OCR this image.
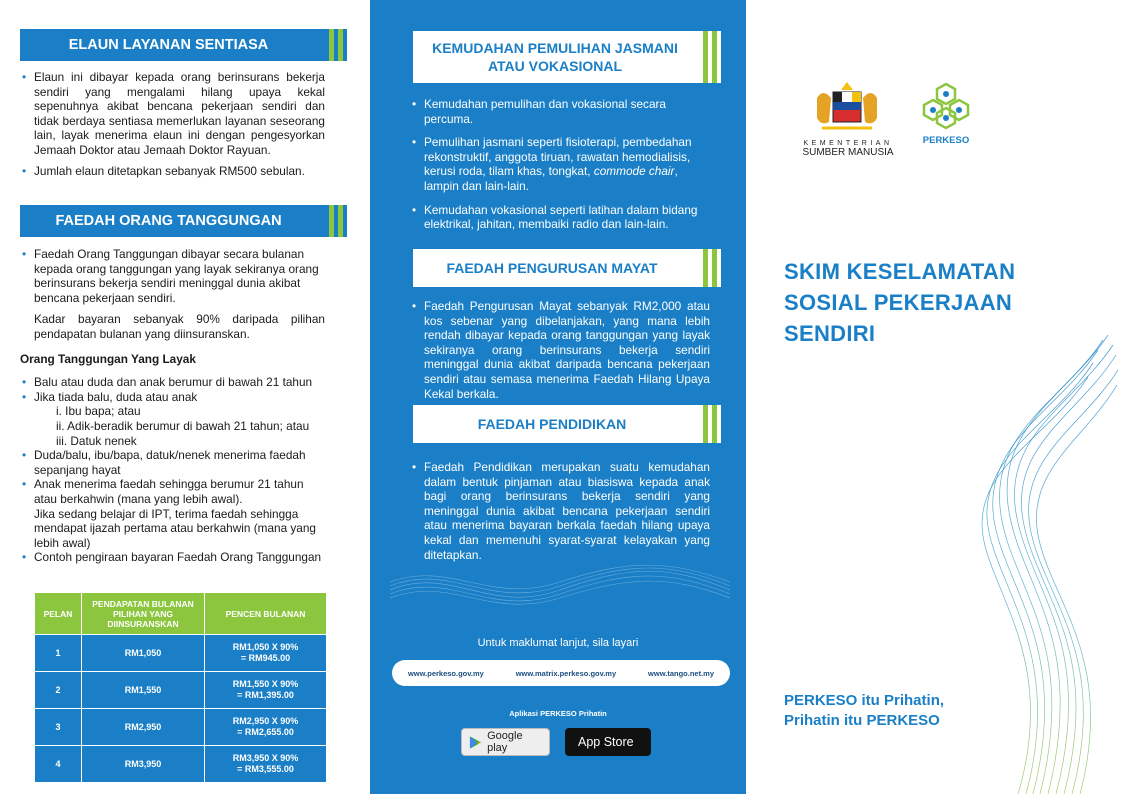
ELAUN LAYANAN SENTIASA
• Elaun ini dibayar kepada orang berinsurans bekerja sendiri yang mengalami hilang upaya kekal sepenuhnya akibat bencana pekerjaan sendiri dan tidak berdaya sentiasa memerlukan layanan seseorang lain, layak menerima elaun ini dengan pengesyorkan Jemaah Doktor atau Jemaah Doktor Rayuan.
• Jumlah elaun ditetapkan sebanyak RM500 sebulan.
FAEDAH ORANG TANGGUNGAN
• Faedah Orang Tanggungan dibayar secara bulanan kepada orang tanggungan yang layak sekiranya orang berinsurans bekerja sendiri meninggal dunia akibat bencana pekerjaan sendiri.
Kadar bayaran sebanyak 90% daripada pilihan pendapatan bulanan yang diinsuranskan.
Orang Tanggungan Yang Layak
• Balu atau duda dan anak berumur di bawah 21 tahun
• Jika tiada balu, duda atau anak
i. Ibu bapa; atau
ii. Adik-beradik berumur di bawah 21 tahun; atau
iii. Datuk nenek
• Duda/balu, ibu/bapa, datuk/nenek menerima faedah sepanjang hayat
• Anak menerima faedah sehingga berumur 21 tahun atau berkahwin (mana yang lebih awal).
Jika sedang belajar di IPT, terima faedah sehingga mendapat ijazah pertama atau berkahwin (mana yang lebih awal)
• Contoh pengiraan bayaran Faedah Orang Tanggungan
PELAN	PENDAPATAN BULANAN PILIHAN YANG DIINSURANSKAN	PENCEN BULANAN
1	RM1,050	RM1,050 X 90%
= RM945.00

2	RM1,550	RM1,550 X 90%
= RM1,395.00

3	RM2,950	RM2,950 X 90%
= RM2,655.00

4	RM3,950	RM3,950 X 90%
= RM3,555.00
KEMUDAHAN PEMULIHAN JASMANI
ATAU VOKASIONAL
• Kemudahan pemulihan dan vokasional secara percuma.
• Pemulihan jasmani seperti fisioterapi, pembedahan rekonstruktif, anggota tiruan, rawatan hemodialisis, kerusi roda, tilam khas, tongkat, commode chair, lampin dan lain-lain.
• Kemudahan vokasional seperti latihan dalam bidang elektrikal, jahitan, membaiki radio dan lain-lain.
FAEDAH PENGURUSAN MAYAT
• Faedah Pengurusan Mayat sebanyak RM2,000 atau kos sebenar yang dibelanjakan, yang mana lebih rendah dibayar kepada orang tanggungan yang layak sekiranya orang berinsurans bekerja sendiri meninggal dunia akibat daripada bencana pekerjaan sendiri atau semasa menerima Faedah Hilang Upaya Kekal berkala.
FAEDAH PENDIDIKAN
• Faedah Pendidikan merupakan suatu kemudahan dalam bentuk pinjaman atau biasiswa kepada anak bagi orang berinsurans bekerja sendiri yang meninggal dunia akibat bencana pekerjaan sendiri atau menerima bayaran berkala faedah hilang upaya kekal dan memenuhi syarat-syarat kelayakan yang ditetapkan.
Untuk maklumat lanjut, sila layari
www.perkeso.gov.my	www.matrix.perkeso.gov.my	www.tango.net.my
Aplikasi PERKESO Prihatin
Google play	App Store
KEMENTERIAN
SUMBER MANUSIA
PERKESO
SKIM KESELAMATAN
SOSIAL PEKERJAAN
SENDIRI
PERKESO itu Prihatin,
Prihatin itu PERKESO
